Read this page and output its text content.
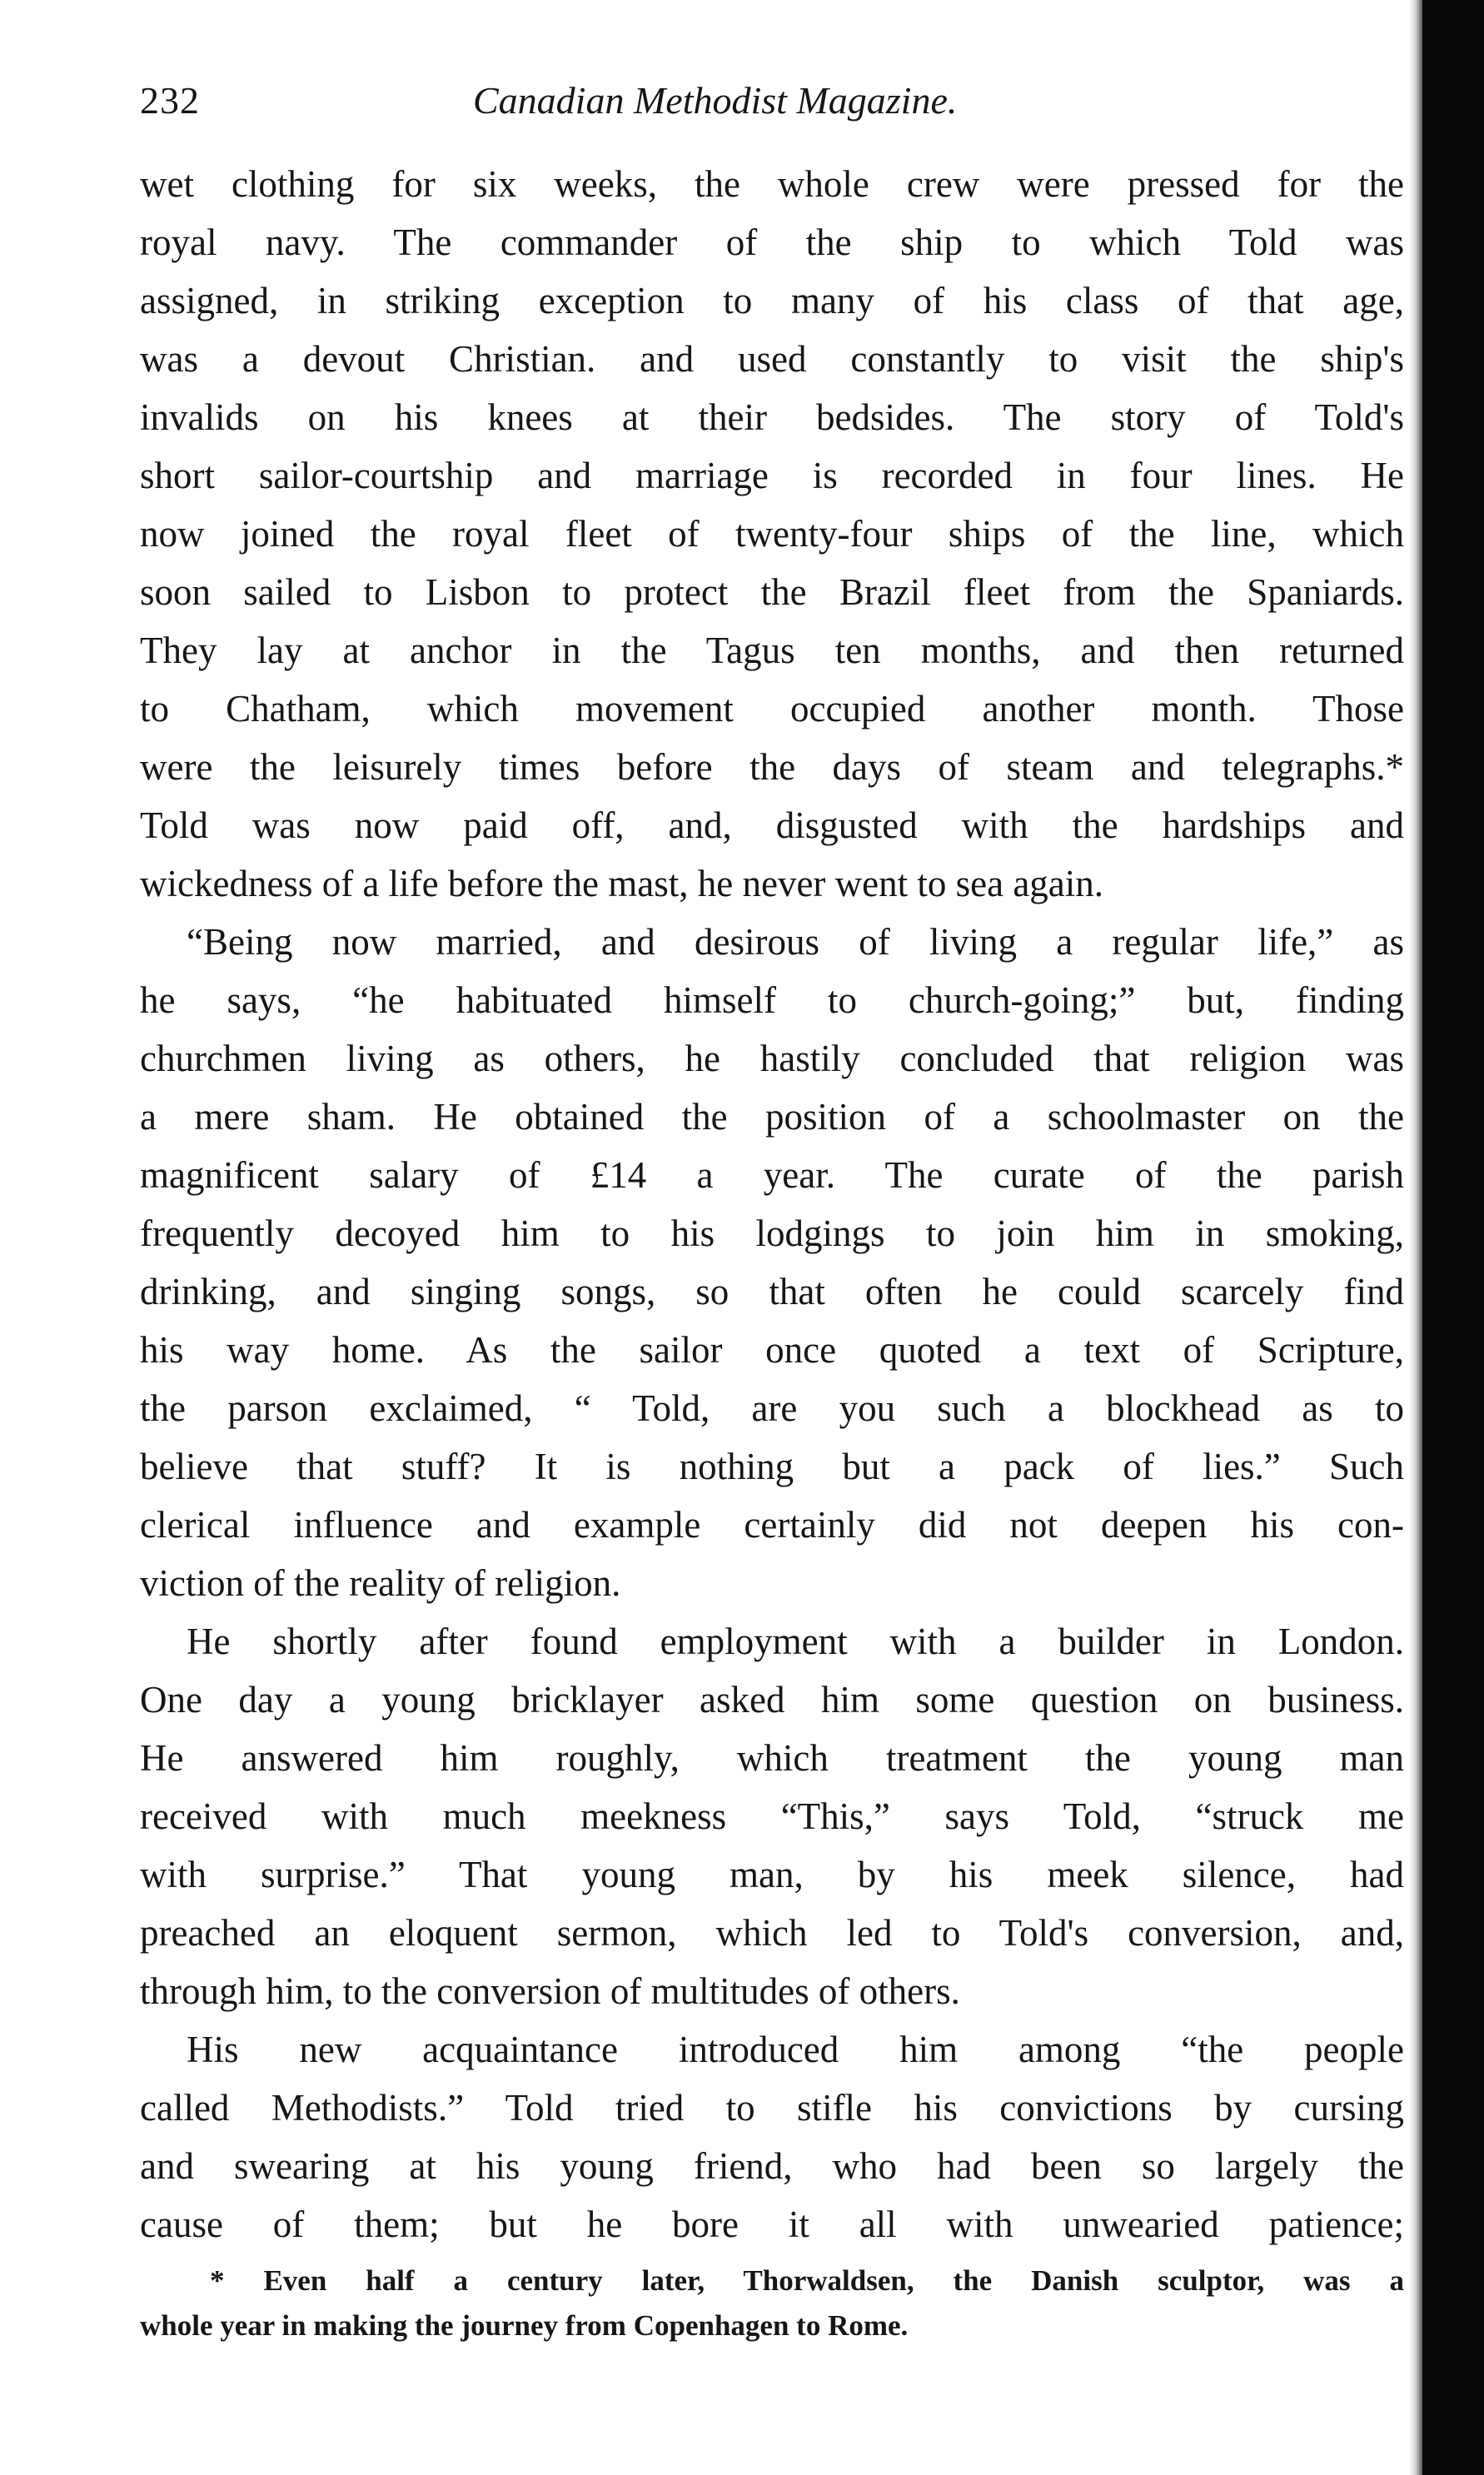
232	Canadian Methodist Magazine.
wet clothing for six weeks, the whole crew were pressed for the
royal navy. The commander of the ship to which Told was
assigned, in striking exception to many of his class of that age,
was a devout Christian. and used constantly to visit the ship's
invalids on his knees at their bedsides. The story of Told's
short sailor-courtship and marriage is recorded in four lines. He
now joined the royal fleet of twenty-four ships of the line, which
soon sailed to Lisbon to protect the Brazil fleet from the Spaniards.
They lay at anchor in the Tagus ten months, and then returned
to Chatham, which movement occupied another month. Those
were the leisurely times before the days of steam and telegraphs.*
Told was now paid off, and, disgusted with the hardships and
wickedness of a life before the mast, he never went to sea again.
“Being now married, and desirous of living a regular life,” as
he says, “he habituated himself to church-going;” but, finding
churchmen living as others, he hastily concluded that religion was
a mere sham. He obtained the position of a schoolmaster on the
magnificent salary of £14 a year. The curate of the parish
frequently decoyed him to his lodgings to join him in smoking,
drinking, and singing songs, so that often he could scarcely find
his way home. As the sailor once quoted a text of Scripture,
the parson exclaimed, “ Told, are you such a blockhead as to
believe that stuff? It is nothing but a pack of lies.” Such
clerical influence and example certainly did not deepen his con-
viction of the reality of religion.
He shortly after found employment with a builder in London.
One day a young bricklayer asked him some question on business.
He answered him roughly, which treatment the young man
received with much meekness “This,” says Told, “struck me
with surprise.” That young man, by his meek silence, had
preached an eloquent sermon, which led to Told's conversion, and,
through him, to the conversion of multitudes of others.
His new acquaintance introduced him among “the people
called Methodists.” Told tried to stifle his convictions by cursing
and swearing at his young friend, who had been so largely the
cause of them; but he bore it all with unwearied patience;
* Even half a century later, Thorwaldsen, the Danish sculptor, was a
whole year in making the journey from Copenhagen to Rome.
